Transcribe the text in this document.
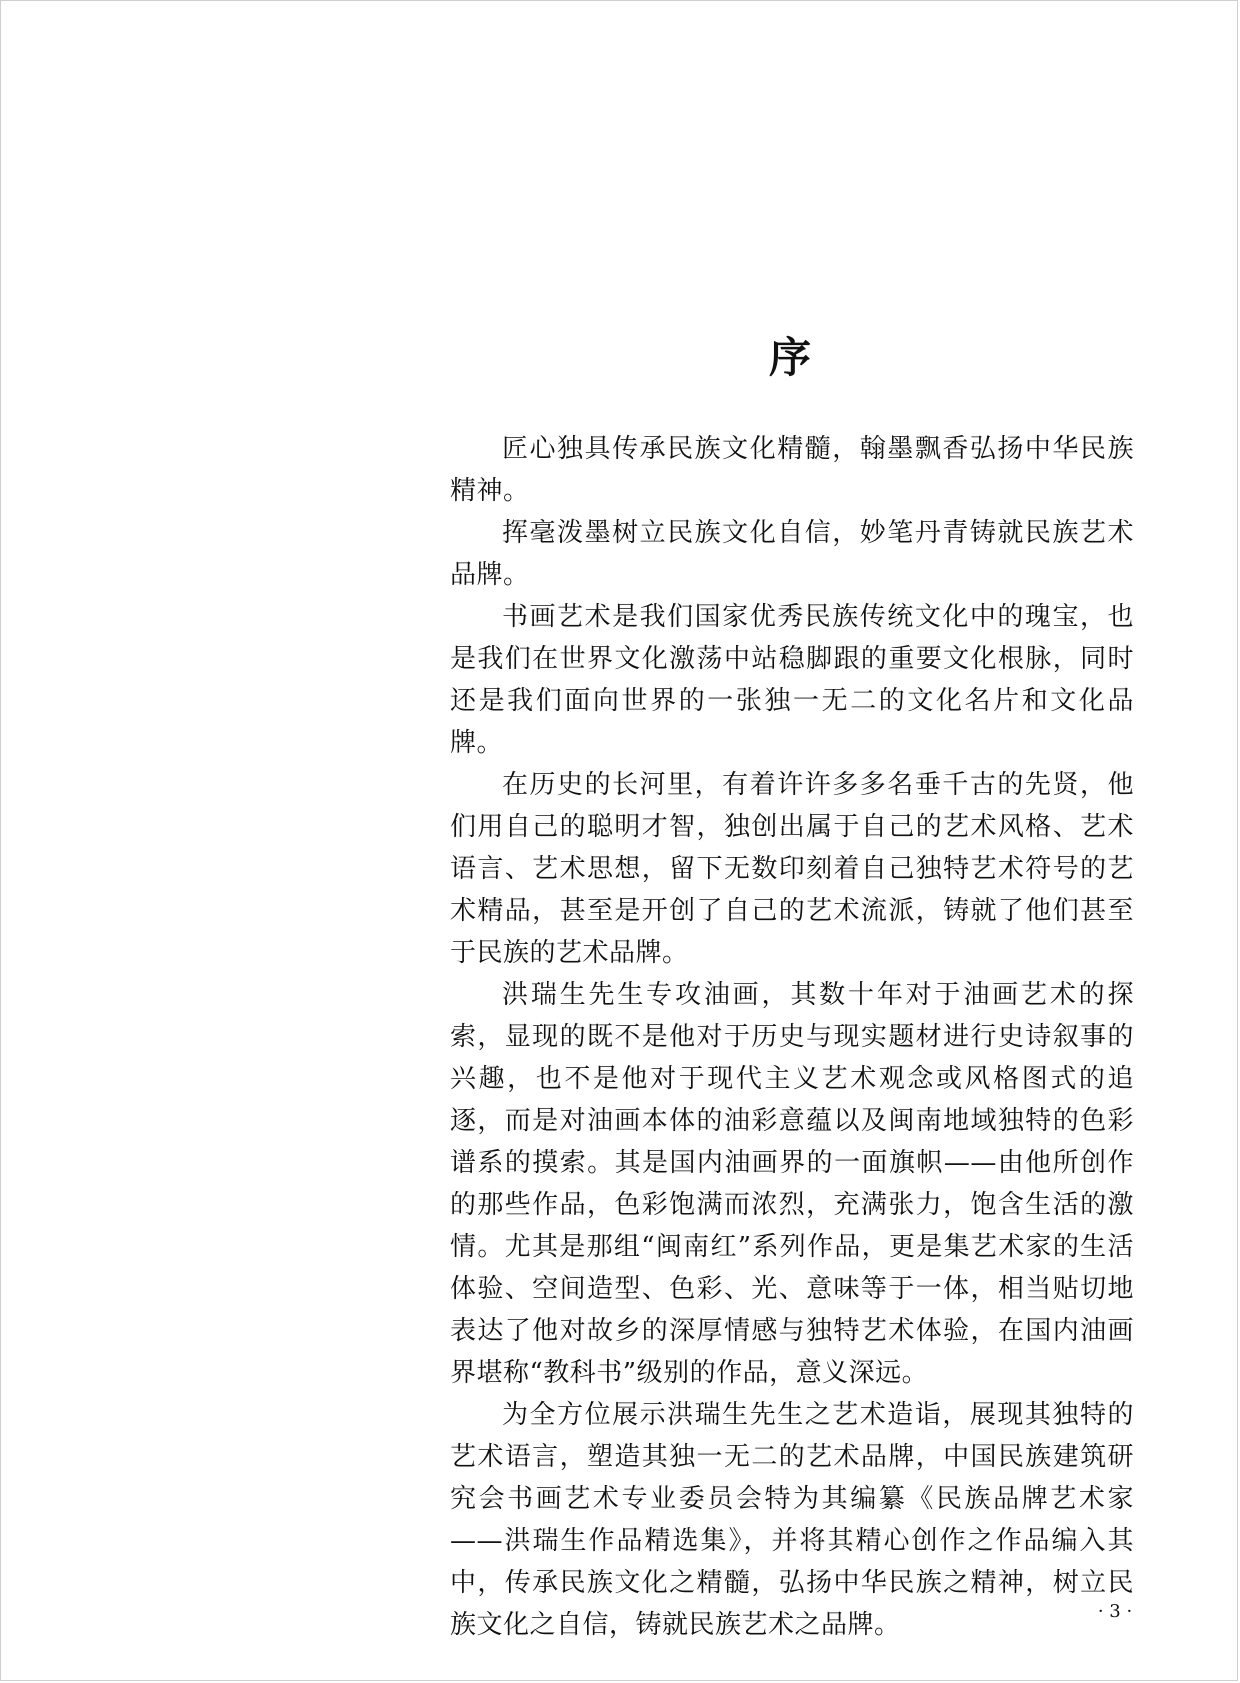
序

匠心独具传承民族文化精髓，翰墨飘香弘扬中华民族精神。

挥毫泼墨树立民族文化自信，妙笔丹青铸就民族艺术品牌。

书画艺术是我们国家优秀民族传统文化中的瑰宝，也是我们在世界文化激荡中站稳脚跟的重要文化根脉，同时还是我们面向世界的一张独一无二的文化名片和文化品牌。

在历史的长河里，有着许许多多名垂千古的先贤，他们用自己的聪明才智，独创出属于自己的艺术风格、艺术语言、艺术思想，留下无数印刻着自己独特艺术符号的艺术精品，甚至是开创了自己的艺术流派，铸就了他们甚至于民族的艺术品牌。

洪瑞生先生专攻油画，其数十年对于油画艺术的探索，显现的既不是他对于历史与现实题材进行史诗叙事的兴趣，也不是他对于现代主义艺术观念或风格图式的追逐，而是对油画本体的油彩意蕴以及闽南地域独特的色彩谱系的摸索。其是国内油画界的一面旗帜——由他所创作的那些作品，色彩饱满而浓烈，充满张力，饱含生活的激情。尤其是那组“闽南红”系列作品，更是集艺术家的生活体验、空间造型、色彩、光、意味等于一体，相当贴切地表达了他对故乡的深厚情感与独特艺术体验，在国内油画界堪称“教科书”级别的作品，意义深远。

为全方位展示洪瑞生先生之艺术造诣，展现其独特的艺术语言，塑造其独一无二的艺术品牌，中国民族建筑研究会书画艺术专业委员会特为其编纂《民族品牌艺术家——洪瑞生作品精选集》，并将其精心创作之作品编入其中，传承民族文化之精髓，弘扬中华民族之精神，树立民族文化之自信，铸就民族艺术之品牌。	· 3 ·
